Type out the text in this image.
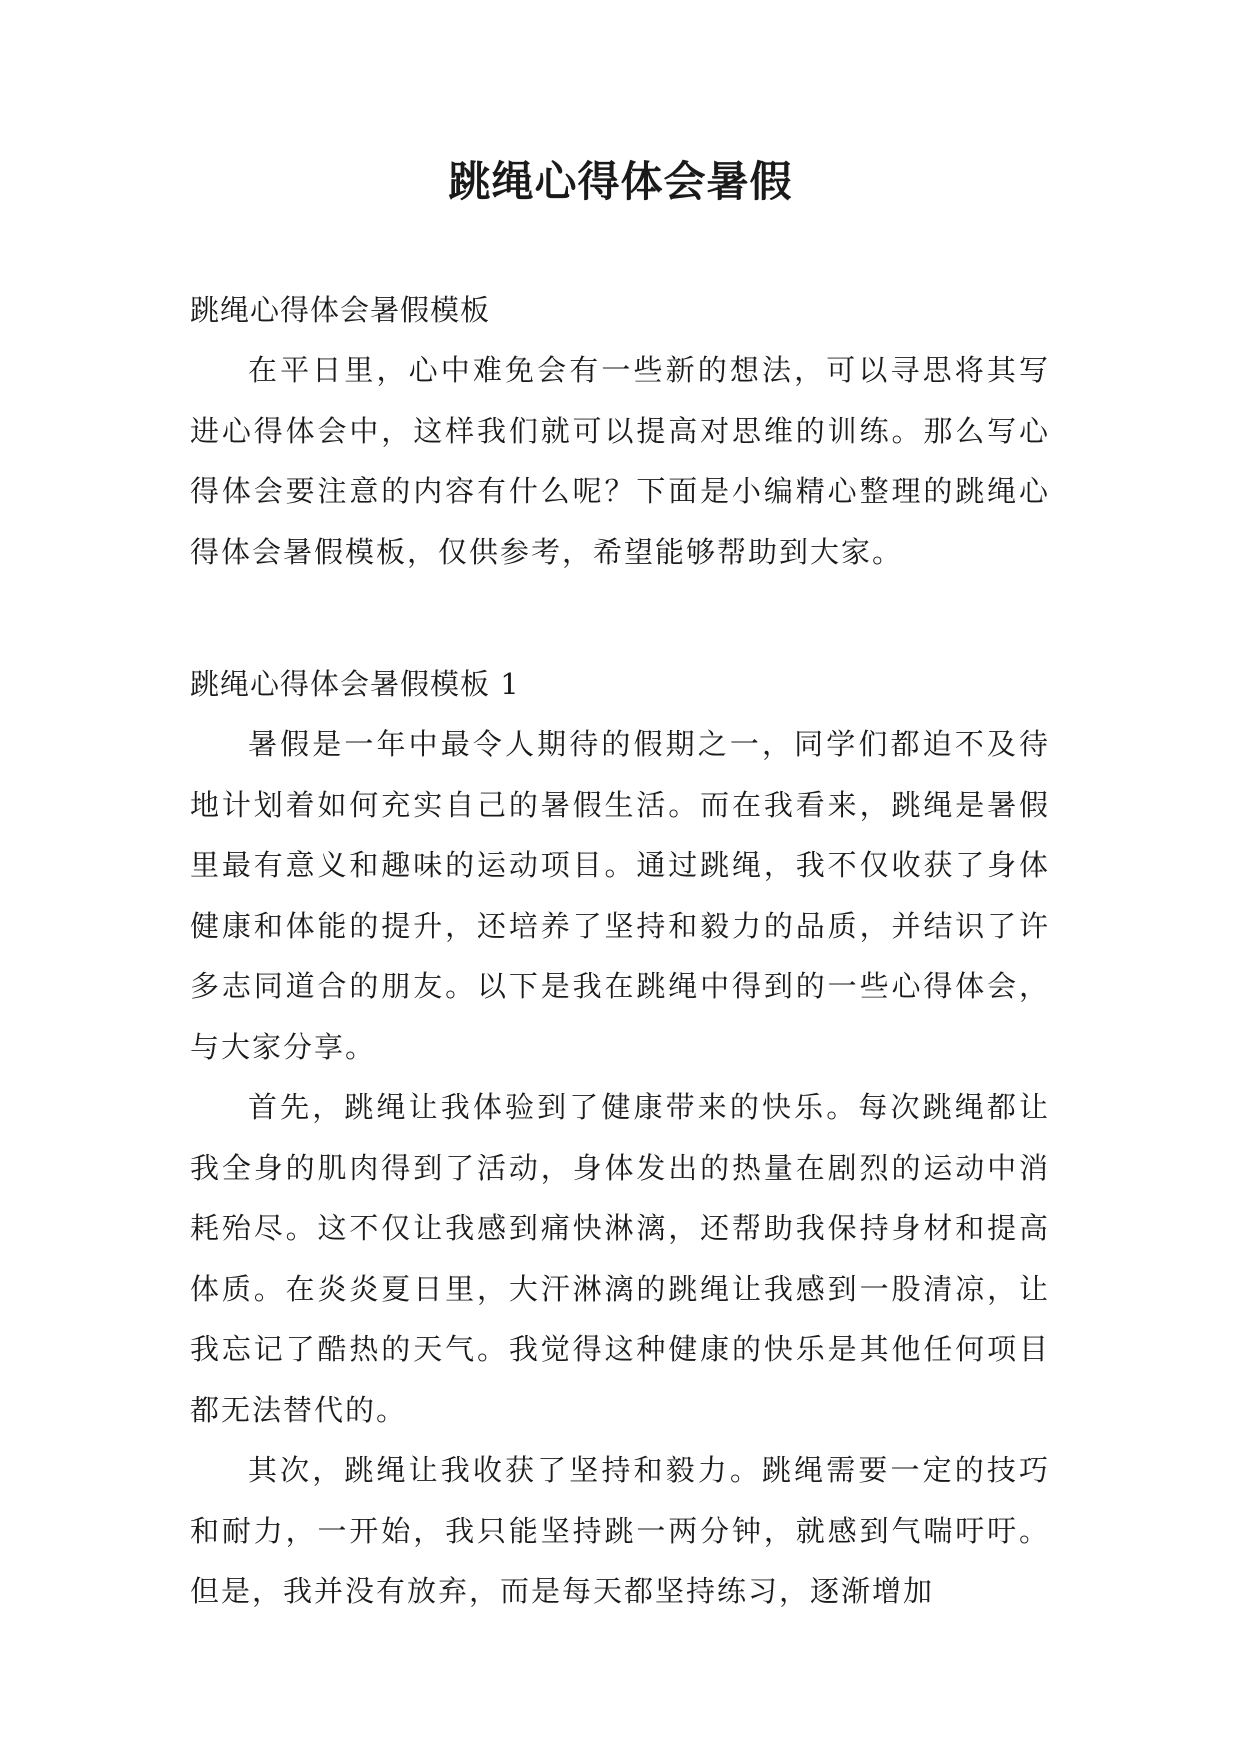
跳绳心得体会暑假
跳绳心得体会暑假模板

在平日里，心中难免会有一些新的想法，可以寻思将其写进心得体会中，这样我们就可以提高对思维的训练。那么写心得体会要注意的内容有什么呢？下面是小编精心整理的跳绳心得体会暑假模板，仅供参考，希望能够帮助到大家。

跳绳心得体会暑假模板 1

暑假是一年中最令人期待的假期之一，同学们都迫不及待地计划着如何充实自己的暑假生活。而在我看来，跳绳是暑假里最有意义和趣味的运动项目。通过跳绳，我不仅收获了身体健康和体能的提升，还培养了坚持和毅力的品质，并结识了许多志同道合的朋友。以下是我在跳绳中得到的一些心得体会，与大家分享。

首先，跳绳让我体验到了健康带来的快乐。每次跳绳都让我全身的肌肉得到了活动，身体发出的热量在剧烈的运动中消耗殆尽。这不仅让我感到痛快淋漓，还帮助我保持身材和提高体质。在炎炎夏日里，大汗淋漓的跳绳让我感到一股清凉，让我忘记了酷热的天气。我觉得这种健康的快乐是其他任何项目都无法替代的。

其次，跳绳让我收获了坚持和毅力。跳绳需要一定的技巧和耐力，一开始，我只能坚持跳一两分钟，就感到气喘吁吁。但是，我并没有放弃，而是每天都坚持练习，逐渐增加
